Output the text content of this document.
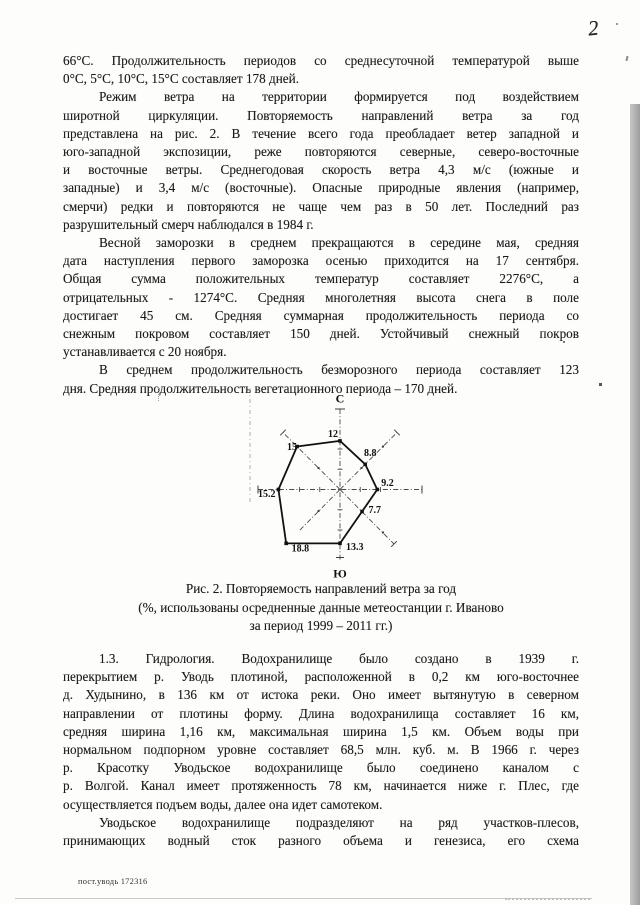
2
66°С. Продолжительность периодов со среднесуточной температурой выше
0°С, 5°С, 10°С, 15°С составляет 178 дней.
Режим ветра на территории формируется под воздействием
широтной циркуляции. Повторяемость направлений ветра за год
представлена на рис. 2. В течение всего года преобладает ветер западной и
юго-западной экспозиции, реже повторяются северные, северо-восточные
и восточные ветры. Среднегодовая скорость ветра 4,3 м/с (южные и
западные) и 3,4 м/с (восточные). Опасные природные явления (например,
смерчи) редки и повторяются не чаще чем раз в 50 лет. Последний раз
разрушительный смерч наблюдался в 1984 г.
Весной заморозки в среднем прекращаются в середине мая, средняя
дата наступления первого заморозка осенью приходится на 17 сентября.
Общая сумма положительных температур составляет 2276°С, а
отрицательных - 1274°С. Средняя многолетняя высота снега в поле
достигает 45 см. Средняя суммарная продолжительность периода со
снежным покровом составляет 150 дней. Устойчивый снежный покров
устанавливается с 20 ноября.
В среднем продолжительность безморозного периода составляет 123
дня. Средняя продолжительность вегетационного периода – 170 дней.
12
8.8
9.2
7.7
13.3
18.8
15.2
15
С
Ю
Рис. 2. Повторяемость направлений ветра за год
(%, использованы осредненные данные метеостанции г. Иваново
за период 1999 – 2011 гг.)
1.3. Гидрология. Водохранилище было создано в 1939 г.
перекрытием р. Уводь плотиной, расположенной в 0,2 км юго-восточнее
д. Худынино, в 136 км от истока реки. Оно имеет вытянутую в северном
направлении от плотины форму. Длина водохранилища составляет 16 км,
средняя ширина 1,16 км, максимальная ширина 1,5 км. Объем воды при
нормальном подпорном уровне составляет 68,5 млн. куб. м. В 1966 г. через
р. Красотку Уводьское водохранилище было соединено каналом с
р. Волгой. Канал имеет протяженность 78 км, начинается ниже г. Плес, где
осуществляется подъем воды, далее она идет самотеком.
Уводьское водохранилище подразделяют на ряд участков-плесов,
принимающих водный сток разного объема и генезиса, его схема
пост.уводь 172316
